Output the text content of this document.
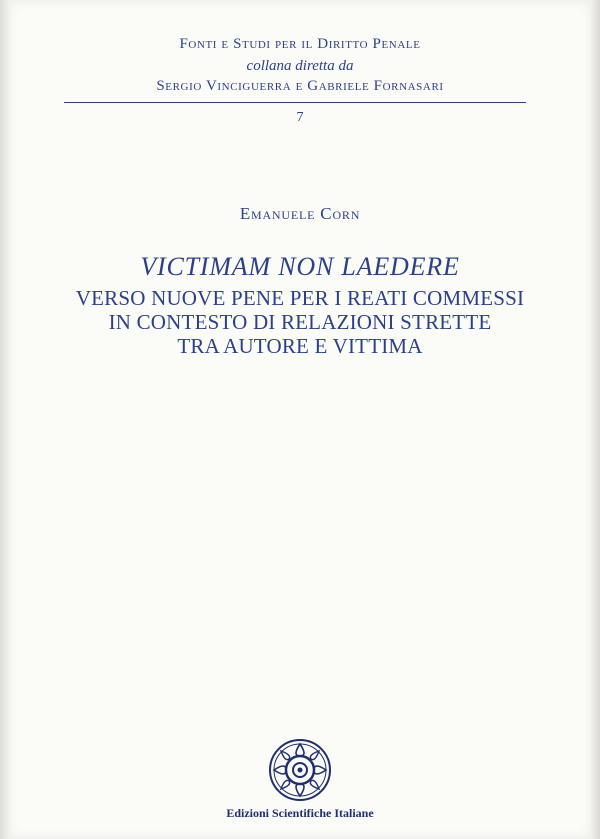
Fonti e Studi per il Diritto Penale
collana diretta da
Sergio Vinciguerra e Gabriele Fornasari
7
Emanuele Corn
VICTIMAM NON LAEDERE
VERSO NUOVE PENE PER I REATI COMMESSI
IN CONTESTO DI RELAZIONI STRETTE
TRA AUTORE E VITTIMA
Edizioni Scientifiche Italiane
